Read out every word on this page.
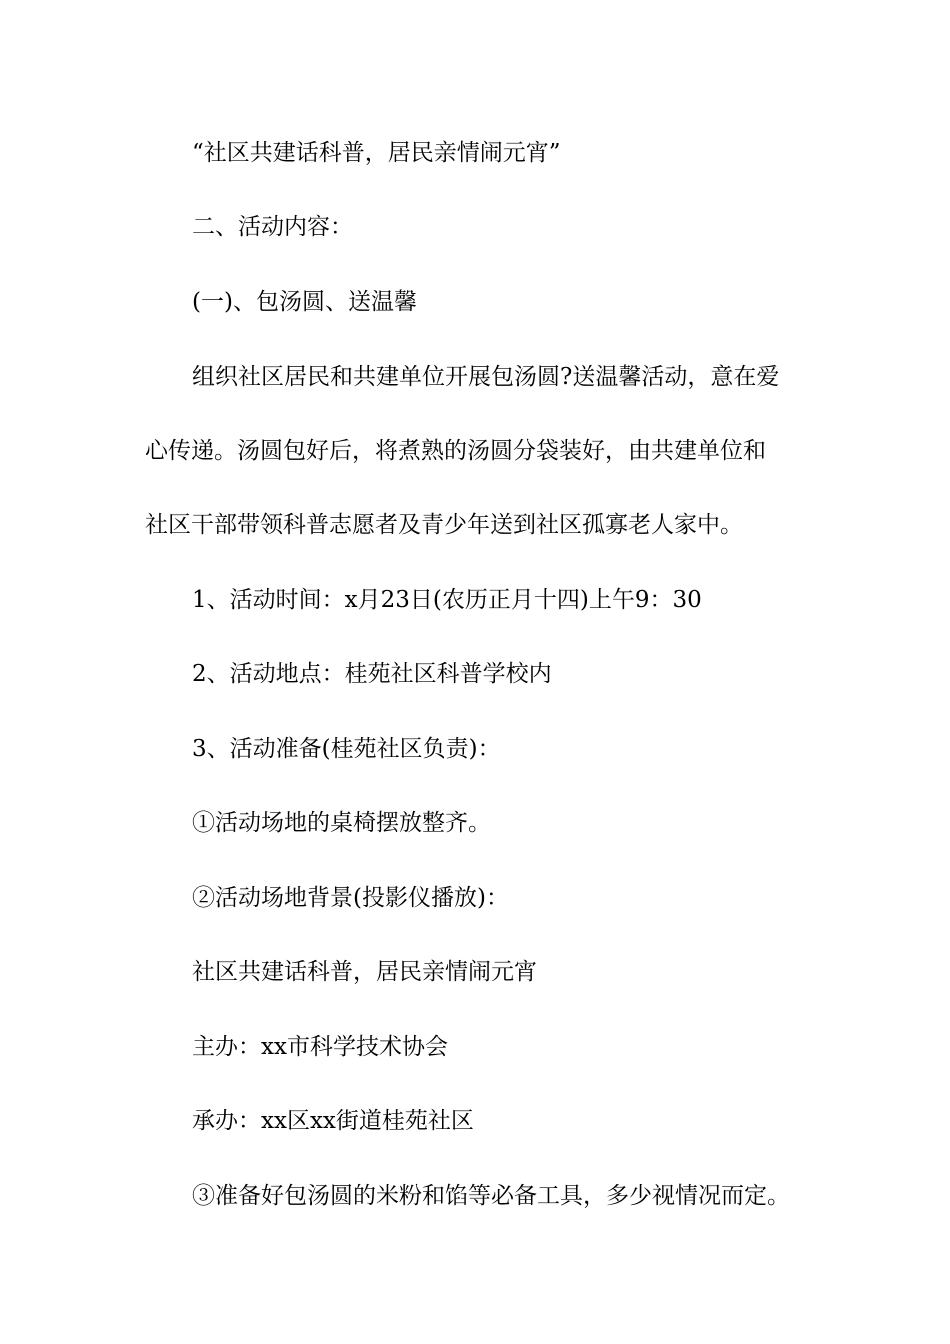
“社区共建话科普，居民亲情闹元宵”
二、活动内容：
(一)、包汤圆、送温馨
组织社区居民和共建单位开展包汤圆?送温馨活动，意在爱
心传递。汤圆包好后，将煮熟的汤圆分袋装好，由共建单位和
社区干部带领科普志愿者及青少年送到社区孤寡老人家中。
1、活动时间：x月23日(农历正月十四)上午9：30
2、活动地点：桂苑社区科普学校内
3、活动准备(桂苑社区负责)：
①活动场地的桌椅摆放整齐。
②活动场地背景(投影仪播放)：
社区共建话科普，居民亲情闹元宵
主办：xx市科学技术协会
承办：xx区xx街道桂苑社区
③准备好包汤圆的米粉和馅等必备工具，多少视情况而定。
